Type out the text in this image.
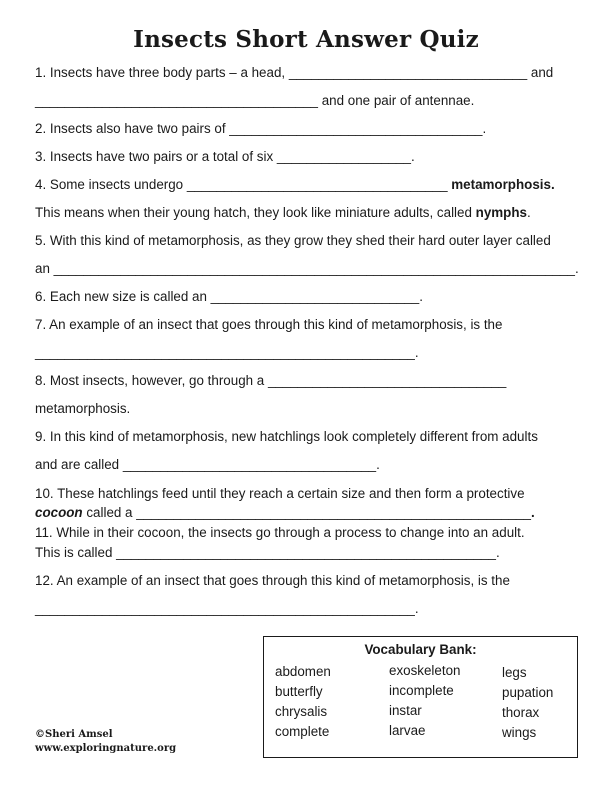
Insects Short Answer Quiz
1. Insects have three body parts – a head, ________________________________ and
______________________________________ and one pair of antennae.
2. Insects also have two pairs of __________________________________.
3. Insects have two pairs or a total of six __________________.
4. Some insects undergo ___________________________________ metamorphosis.
This means when their young hatch, they look like miniature adults, called nymphs.
5. With this kind of metamorphosis, as they grow they shed their hard outer layer called
an ______________________________________________________________________.
6. Each new size is called an ____________________________.
7. An example of an insect that goes through this kind of metamorphosis, is the
___________________________________________________.
8. Most insects, however, go through a ________________________________
metamorphosis.
9. In this kind of metamorphosis, new hatchlings look completely different from adults
and are called __________________________________.
10. These hatchlings feed until they reach a certain size and then form a protective
cocoon called a _____________________________________________________.
11. While in their cocoon, the insects go through a process to change into an adult.
This is called ___________________________________________________.
12. An example of an insect that goes through this kind of metamorphosis, is the
___________________________________________________.
Vocabulary Bank:
abdomen
butterfly
chrysalis
complete
exoskeleton
incomplete
instar
larvae
legs
pupation
thorax
wings
©Sheri Amsel
www.exploringnature.org
